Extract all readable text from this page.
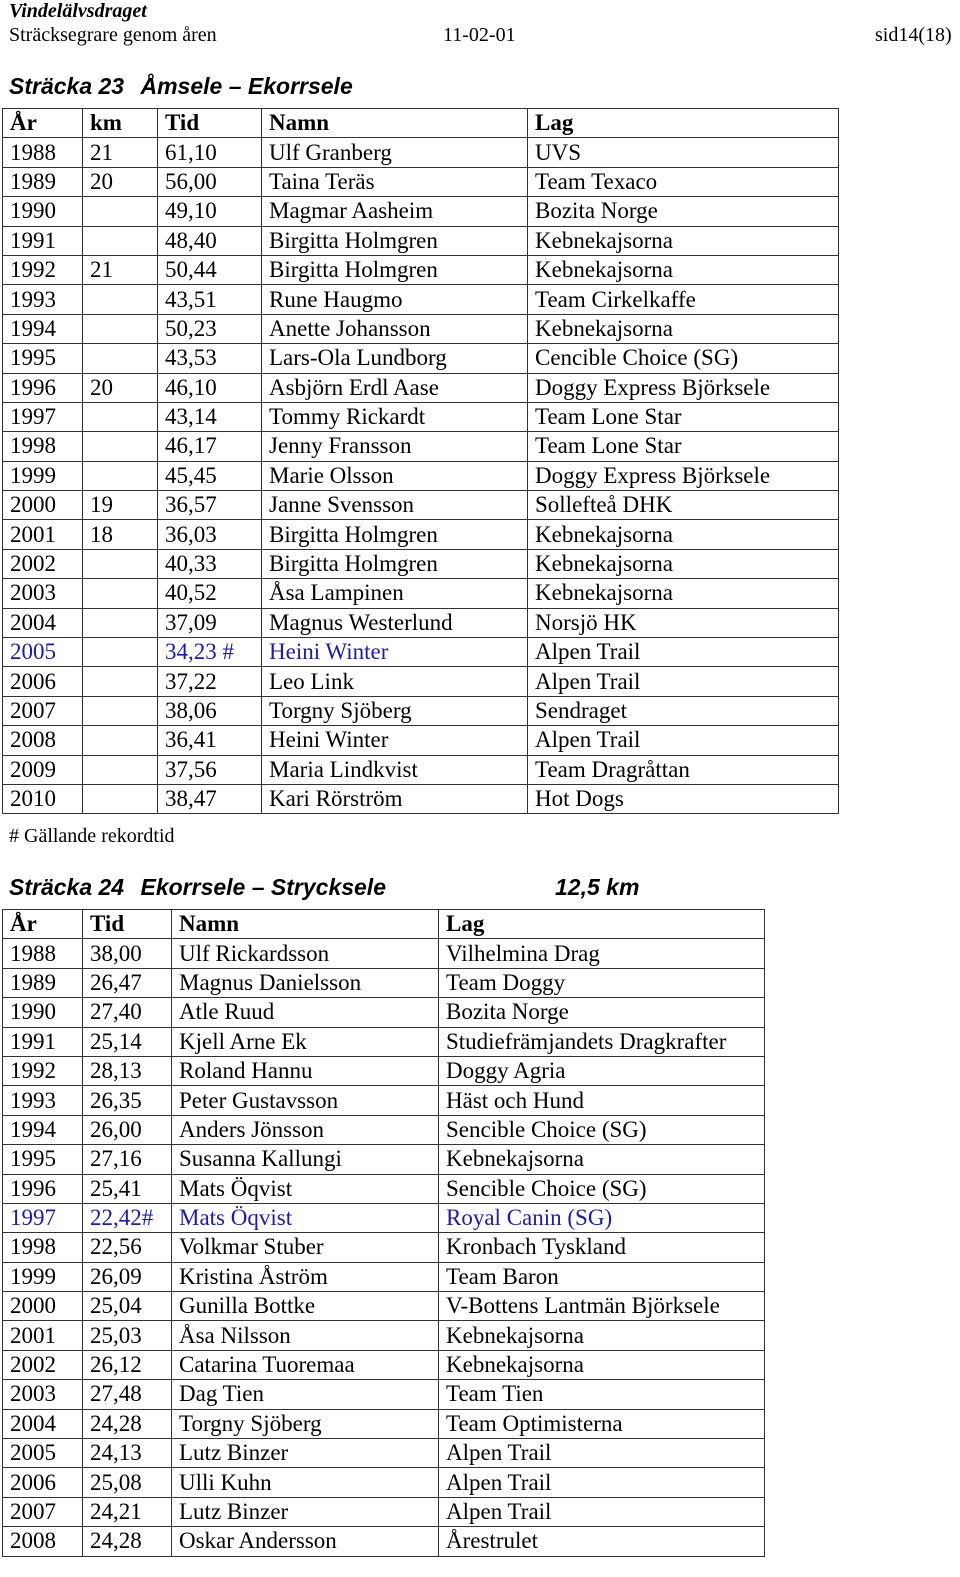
Vindelälvsdraget
Sträcksegrare genom åren	11-02-01	sid14(18)
Sträcka 23 Åmsele – Ekorrsele
År	km	Tid	Namn	Lag
1988	21	61,10	Ulf Granberg	UVS
1989	20	56,00	Taina Teräs	Team Texaco
1990		49,10	Magmar Aasheim	Bozita Norge
1991		48,40	Birgitta Holmgren	Kebnekajsorna
1992	21	50,44	Birgitta Holmgren	Kebnekajsorna
1993		43,51	Rune Haugmo	Team Cirkelkaffe
1994		50,23	Anette Johansson	Kebnekajsorna
1995		43,53	Lars-Ola Lundborg	Cencible Choice (SG)
1996	20	46,10	Asbjörn Erdl Aase	Doggy Express Björksele
1997		43,14	Tommy Rickardt	Team Lone Star
1998		46,17	Jenny Fransson	Team Lone Star
1999		45,45	Marie Olsson	Doggy Express Björksele
2000	19	36,57	Janne Svensson	Sollefteå DHK
2001	18	36,03	Birgitta Holmgren	Kebnekajsorna
2002		40,33	Birgitta Holmgren	Kebnekajsorna
2003		40,52	Åsa Lampinen	Kebnekajsorna
2004		37,09	Magnus Westerlund	Norsjö HK
2005		34,23 #	Heini Winter	Alpen Trail
2006		37,22	Leo Link	Alpen Trail
2007		38,06	Torgny Sjöberg	Sendraget
2008		36,41	Heini Winter	Alpen Trail
2009		37,56	Maria Lindkvist	Team Dragråttan
2010		38,47	Kari Rörström	Hot Dogs
# Gällande rekordtid
Sträcka 24 Ekorrsele – Strycksele	12,5 km
År	Tid	Namn	Lag
1988	38,00	Ulf Rickardsson	Vilhelmina Drag
1989	26,47	Magnus Danielsson	Team Doggy
1990	27,40	Atle Ruud	Bozita Norge
1991	25,14	Kjell Arne Ek	Studiefrämjandets Dragkrafter
1992	28,13	Roland Hannu	Doggy Agria
1993	26,35	Peter Gustavsson	Häst och Hund
1994	26,00	Anders Jönsson	Sencible Choice (SG)
1995	27,16	Susanna Kallungi	Kebnekajsorna
1996	25,41	Mats Öqvist	Sencible Choice (SG)
1997	22,42#	Mats Öqvist	Royal Canin (SG)
1998	22,56	Volkmar Stuber	Kronbach Tyskland
1999	26,09	Kristina Åström	Team Baron
2000	25,04	Gunilla Bottke	V-Bottens Lantmän Björksele
2001	25,03	Åsa Nilsson	Kebnekajsorna
2002	26,12	Catarina Tuoremaa	Kebnekajsorna
2003	27,48	Dag Tien	Team Tien
2004	24,28	Torgny Sjöberg	Team Optimisterna
2005	24,13	Lutz Binzer	Alpen Trail
2006	25,08	Ulli Kuhn	Alpen Trail
2007	24,21	Lutz Binzer	Alpen Trail
2008	24,28	Oskar Andersson	Årestrulet
